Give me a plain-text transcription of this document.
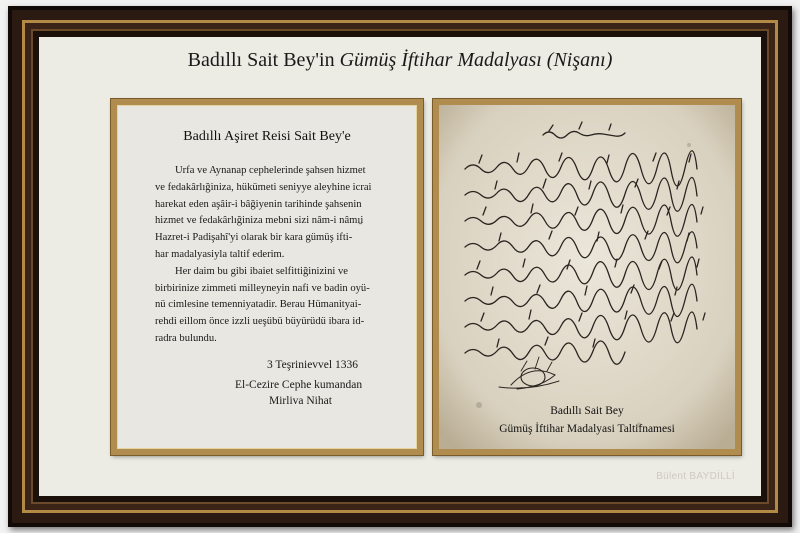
Badıllı Sait Bey'in Gümüş İftihar Madalyası (Nişanı)
Badıllı Aşiret Reisi Sait Bey'e
Urfa ve Aynanap cephelerinde şahsen hizmet
ve fedakârlığiniza, hükümeti seniyye aleyhine icrai
harekat eden aşâir-i bâğiyenin tarihinde şahsenin
hizmet ve fedakârlığiniza mebni sizi nâm-i nâmı̱i
Hazret-i Padişahî'yi olarak bir kara gümüş ifti-
har madalyasiyla taltif ederim.
Her daim bu gibi ibaiet selfittiğinizini ve
birbirinize zimmeti milleyneyin nafi ve badin oyü-
nü cimlesine temenniyatadir. Berau Hümanityai-
rehdi eillom önce izzli ueşübü büyürüdü ibara id-
radra bulundu.
3 Teşrinievvel 1336
El-Cezire Cephe kumandan
Mirliva Nihat
Badıllı Sait Bey
Gümüş İftihar Madalyasi Taltifnamesi
Bülent BAYDİLLİ
